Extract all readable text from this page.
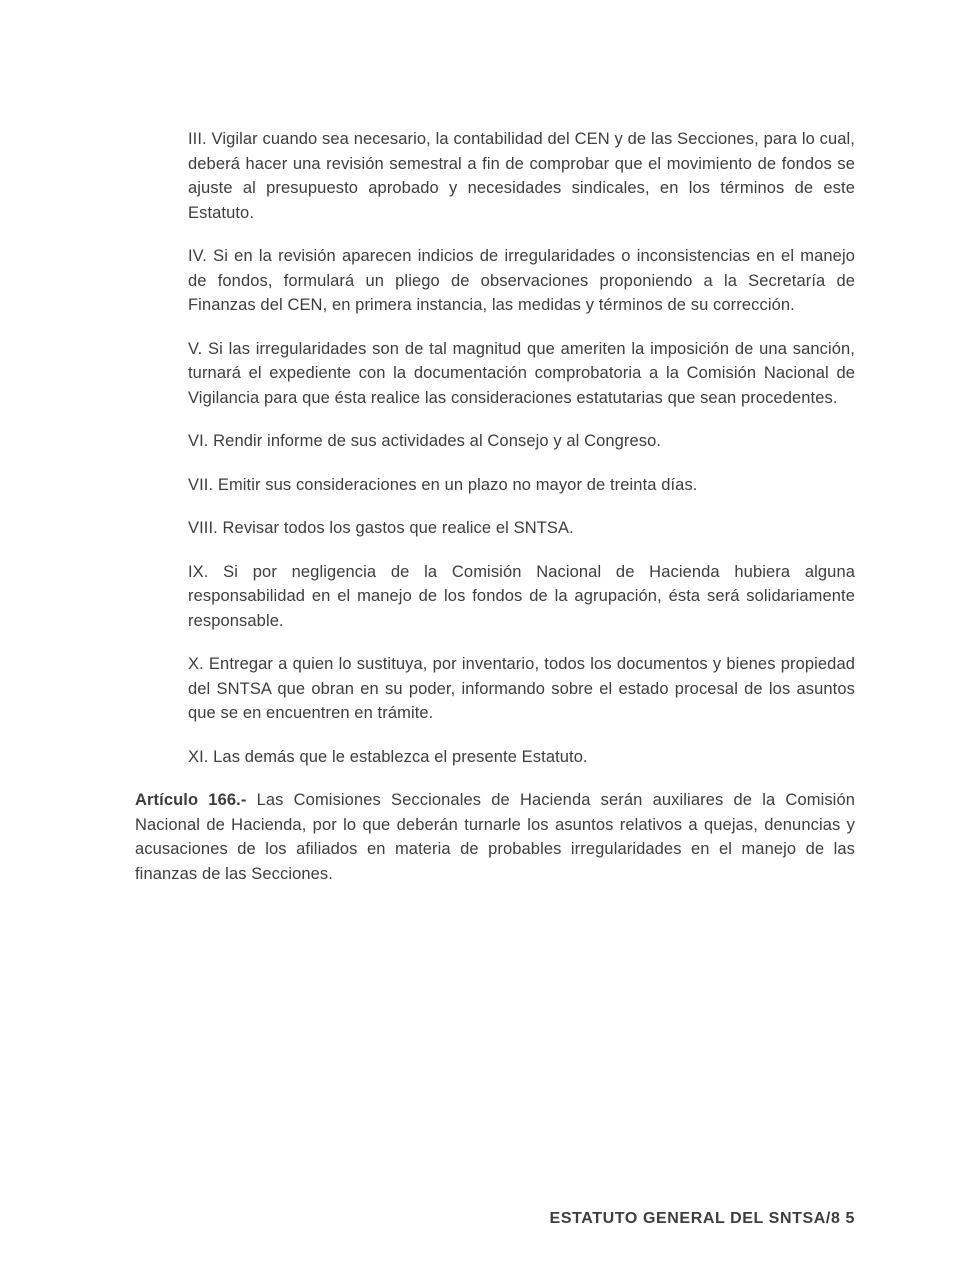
III. Vigilar cuando sea necesario, la contabilidad del CEN y de las Secciones, para lo cual, deberá hacer una revisión semestral a fin de comprobar que el movimiento de fondos se ajuste al presupuesto aprobado y necesidades sindicales, en los términos de este Estatuto.

IV. Si en la revisión aparecen indicios de irregularidades o inconsistencias en el manejo de fondos, formulará un pliego de observaciones proponiendo a la Secretaría de Finanzas del CEN, en primera instancia, las medidas y términos de su corrección.

V. Si las irregularidades son de tal magnitud que ameriten la imposición de una sanción, turnará el expediente con la documentación comprobatoria a la Comisión Nacional de Vigilancia para que ésta realice las consideraciones estatutarias que sean procedentes.

VI. Rendir informe de sus actividades al Consejo y al Congreso.

VII. Emitir sus consideraciones en un plazo no mayor de treinta días.

VIII. Revisar todos los gastos que realice el SNTSA.

IX. Si por negligencia de la Comisión Nacional de Hacienda hubiera alguna responsabilidad en el manejo de los fondos de la agrupación, ésta será solidariamente responsable.

X. Entregar a quien lo sustituya, por inventario, todos los documentos y bienes propiedad del SNTSA que obran en su poder, informando sobre el estado procesal de los asuntos que se en encuentren en trámite.

XI. Las demás que le establezca el presente Estatuto.

Artículo 166.- Las Comisiones Seccionales de Hacienda serán auxiliares de la Comisión Nacional de Hacienda, por lo que deberán turnarle los asuntos relativos a quejas, denuncias y acusaciones de los afiliados en materia de probables irregularidades en el manejo de las finanzas de las Secciones.

ESTATUTO GENERAL DEL SNTSA/8 5
